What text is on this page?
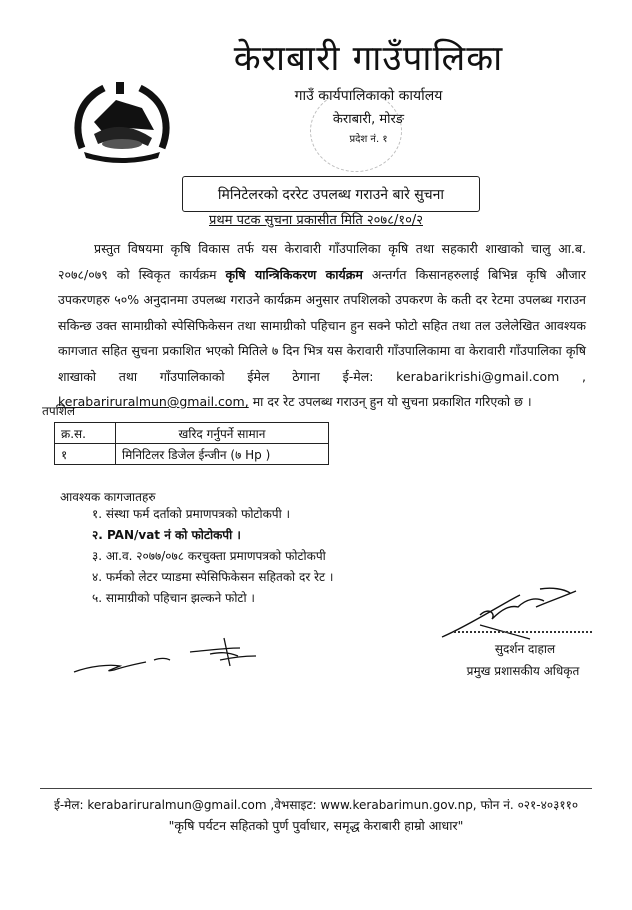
केराबारी गाउँपालिका
गाउँ कार्यपालिकाको कार्यालय
केराबारी, मोरङ
प्रदेश नं. १
मिनिटेलरको दररेट उपलब्ध गराउने बारे सुचना
प्रथम पटक सुचना प्रकासीत मिति २०७८/१०/२
प्रस्तुत विषयमा कृषि विकास तर्फ यस केरावारी गाँउपालिका कृषि तथा सहकारी शाखाको चालु आ.ब. २०७८/०७९ को स्विकृत कार्यक्रम कृषि यान्त्रिकिकरण कार्यक्रम अन्तर्गत किसानहरुलाई बिभिन्न कृषि औजार उपकरणहरु ५०% अनुदानमा उपलब्ध गराउने कार्यक्रम अनुसार तपशिलको उपकरण के कती दर रेटमा उपलब्ध गराउन सकिन्छ उक्त सामाग्रीको स्पेसिफिकेसन तथा सामाग्रीको पहिचान हुन सक्ने फोटो सहित तथा तल उलेलेखित आवश्यक कागजात सहित सुचना प्रकाशित भएको मितिले ७ दिन भित्र यस केरावारी गाँउपालिकामा वा केरावारी गाँउपालिका कृषि शाखाको तथा गाँउपालिकाको ईमेल ठेगाना ई-मेल: kerabarikrishi@gmail.com , kerabariruralmun@gmail.com, मा दर रेट उपलब्ध गराउन् हुन यो सुचना प्रकाशित गरिएको छ ।
तपशिल
क्र.स.	खरिद गर्नुपर्ने सामान
१	मिनिटिलर डिजेल ईन्जीन (७ Hp )
आवश्यक कागजातहरु
१. संस्था फर्म दर्ताको प्रमाणपत्रको फोटोकपी ।
२. PAN/vat नं को फोटोकपी ।
३. आ.व. २०७७/०७८ करचुक्ता प्रमाणपत्रको फोटोकपी
४. फर्मको लेटर प्याडमा स्पेसिफिकेसन सहितको दर रेट ।
५. सामाग्रीको पहिचान झल्कने फोटो ।
सुदर्शन दाहाल
प्रमुख प्रशासकीय अधिकृत
ई-मेल: kerabariruralmun@gmail.com ,वेभसाइट: www.kerabarimun.gov.np, फोन नं. ०२१-४०३११०
"कृषि पर्यटन सहितको पुर्ण पुर्वाधार, समृद्ध केराबारी हाम्रो आधार"
